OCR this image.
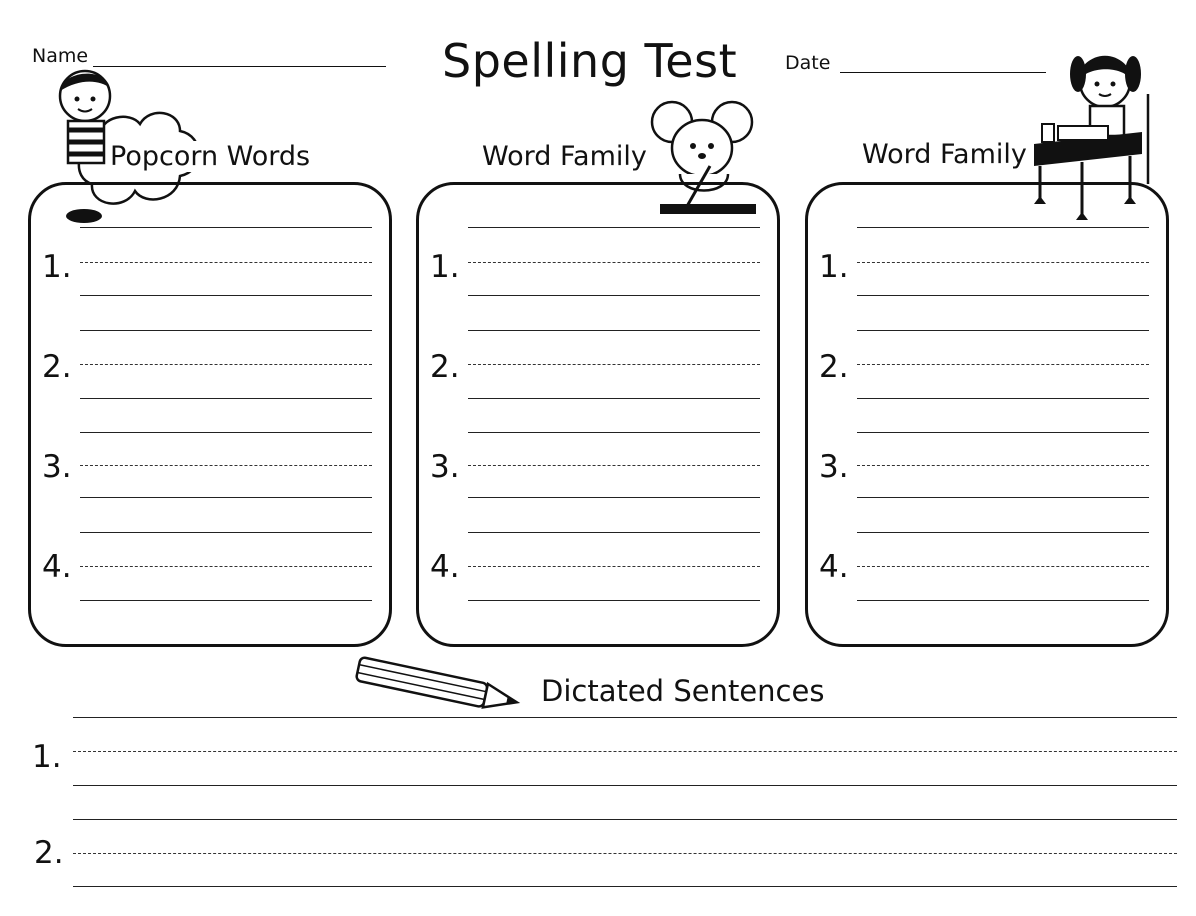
Name	Spelling Test	Date
Popcorn Words
1.
2.
3.
4.
Word Family
1.
2.
3.
4.
Word Family
1.
2.
3.
4.
Dictated Sentences
1.
2.
